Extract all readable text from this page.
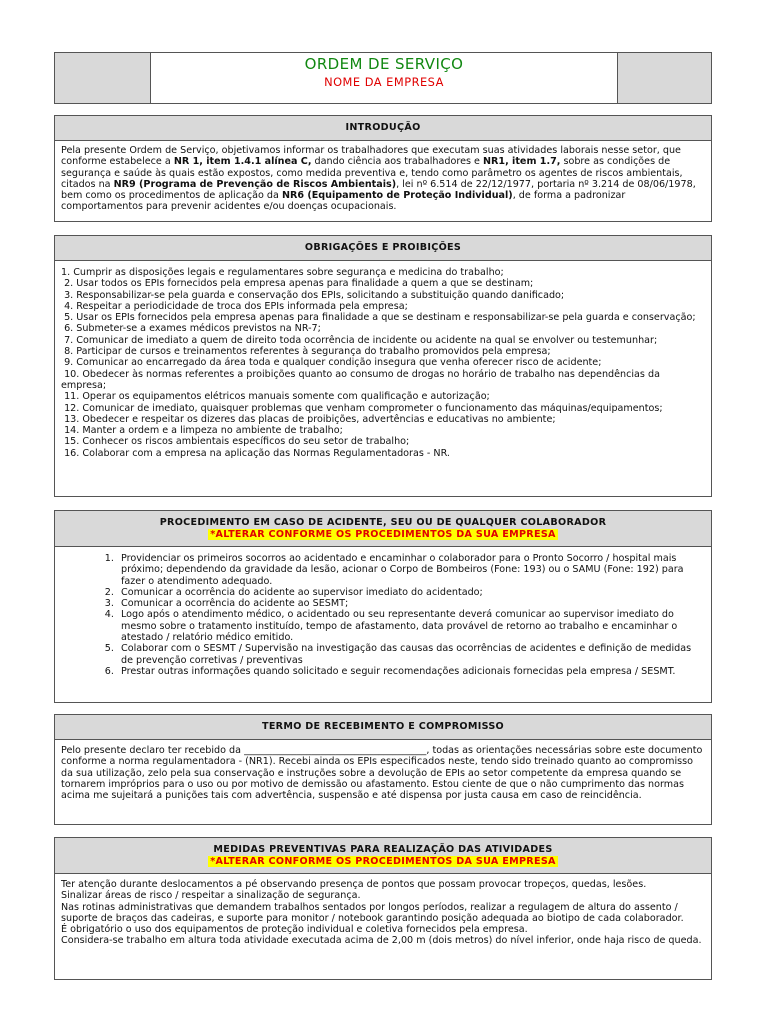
ORDEM DE SERVIÇO
NOME DA EMPRESA
INTRODUÇÃO

Pela presente Ordem de Serviço, objetivamos informar os trabalhadores que executam suas atividades laborais nesse setor, que conforme estabelece a NR 1, item 1.4.1 alínea C, dando ciência aos trabalhadores e NR1, item 1.7, sobre as condições de segurança e saúde às quais estão expostos, como medida preventiva e, tendo como parâmetro os agentes de riscos ambientais, citados na NR9 (Programa de Prevenção de Riscos Ambientais), lei nº 6.514 de 22/12/1977, portaria nº 3.214 de 08/06/1978, bem como os procedimentos de aplicação da NR6 (Equipamento de Proteção Individual), de forma a padronizar comportamentos para prevenir acidentes e/ou doenças ocupacionais.

OBRIGAÇÕES E PROIBIÇÕES
1. Cumprir as disposições legais e regulamentares sobre segurança e medicina do trabalho;
2. Usar todos os EPIs fornecidos pela empresa apenas para finalidade a quem a que se destinam;
3. Responsabilizar-se pela guarda e conservação dos EPIs, solicitando a substituição quando danificado;
4. Respeitar a periodicidade de troca dos EPIs informada pela empresa;
5. Usar os EPIs fornecidos pela empresa apenas para finalidade a que se destinam e responsabilizar-se pela guarda e conservação;
6. Submeter-se a exames médicos previstos na NR-7;
7. Comunicar de imediato a quem de direito toda ocorrência de incidente ou acidente na qual se envolver ou testemunhar;
8. Participar de cursos e treinamentos referentes à segurança do trabalho promovidos pela empresa;
9. Comunicar ao encarregado da área toda e qualquer condição insegura que venha oferecer risco de acidente;
10. Obedecer às normas referentes a proibições quanto ao consumo de drogas no horário de trabalho nas dependências da empresa;
11. Operar os equipamentos elétricos manuais somente com qualificação e autorização;
12. Comunicar de imediato, quaisquer problemas que venham comprometer o funcionamento das máquinas/equipamentos;
13. Obedecer e respeitar os dizeres das placas de proibições, advertências e educativas no ambiente;
14. Manter a ordem e a limpeza no ambiente de trabalho;
15. Conhecer os riscos ambientais específicos do seu setor de trabalho;
16. Colaborar com a empresa na aplicação das Normas Regulamentadoras - NR.
PROCEDIMENTO EM CASO DE ACIDENTE, SEU OU DE QUALQUER COLABORADOR
*ALTERAR CONFORME OS PROCEDIMENTOS DA SUA EMPRESA
1. Providenciar os primeiros socorros ao acidentado e encaminhar o colaborador para o Pronto Socorro / hospital mais próximo; dependendo da gravidade da lesão, acionar o Corpo de Bombeiros (Fone: 193) ou o SAMU (Fone: 192) para fazer o atendimento adequado.
2. Comunicar a ocorrência do acidente ao supervisor imediato do acidentado;
3. Comunicar a ocorrência do acidente ao SESMT;
4. Logo após o atendimento médico, o acidentado ou seu representante deverá comunicar ao supervisor imediato do mesmo sobre o tratamento instituído, tempo de afastamento, data provável de retorno ao trabalho e encaminhar o atestado / relatório médico emitido.
5. Colaborar com o SESMT / Supervisão na investigação das causas das ocorrências de acidentes e definição de medidas de prevenção corretivas / preventivas
6. Prestar outras informações quando solicitado e seguir recomendações adicionais fornecidas pela empresa / SESMT.
TERMO DE RECEBIMENTO E COMPROMISSO

Pelo presente declaro ter recebido da ______________________________________, todas as orientações necessárias sobre este documento conforme a norma regulamentadora - (NR1). Recebi ainda os EPIs especificados neste, tendo sido treinado quanto ao compromisso da sua utilização, zelo pela sua conservação e instruções sobre a devolução de EPIs ao setor competente da empresa quando se tornarem impróprios para o uso ou por motivo de demissão ou afastamento. Estou ciente de que o não cumprimento das normas acima me sujeitará a punições tais com advertência, suspensão e até dispensa por justa causa em caso de reincidência.

MEDIDAS PREVENTIVAS PARA REALIZAÇÃO DAS ATIVIDADES
*ALTERAR CONFORME OS PROCEDIMENTOS DA SUA EMPRESA

Ter atenção durante deslocamentos a pé observando presença de pontos que possam provocar tropeços, quedas, lesões.

Sinalizar áreas de risco / respeitar a sinalização de segurança.

Nas rotinas administrativas que demandem trabalhos sentados por longos períodos, realizar a regulagem de altura do assento / suporte de braços das cadeiras, e suporte para monitor / notebook garantindo posição adequada ao biotipo de cada colaborador.

É obrigatório o uso dos equipamentos de proteção individual e coletiva fornecidos pela empresa.

Considera-se trabalho em altura toda atividade executada acima de 2,00 m (dois metros) do nível inferior, onde haja risco de queda.
